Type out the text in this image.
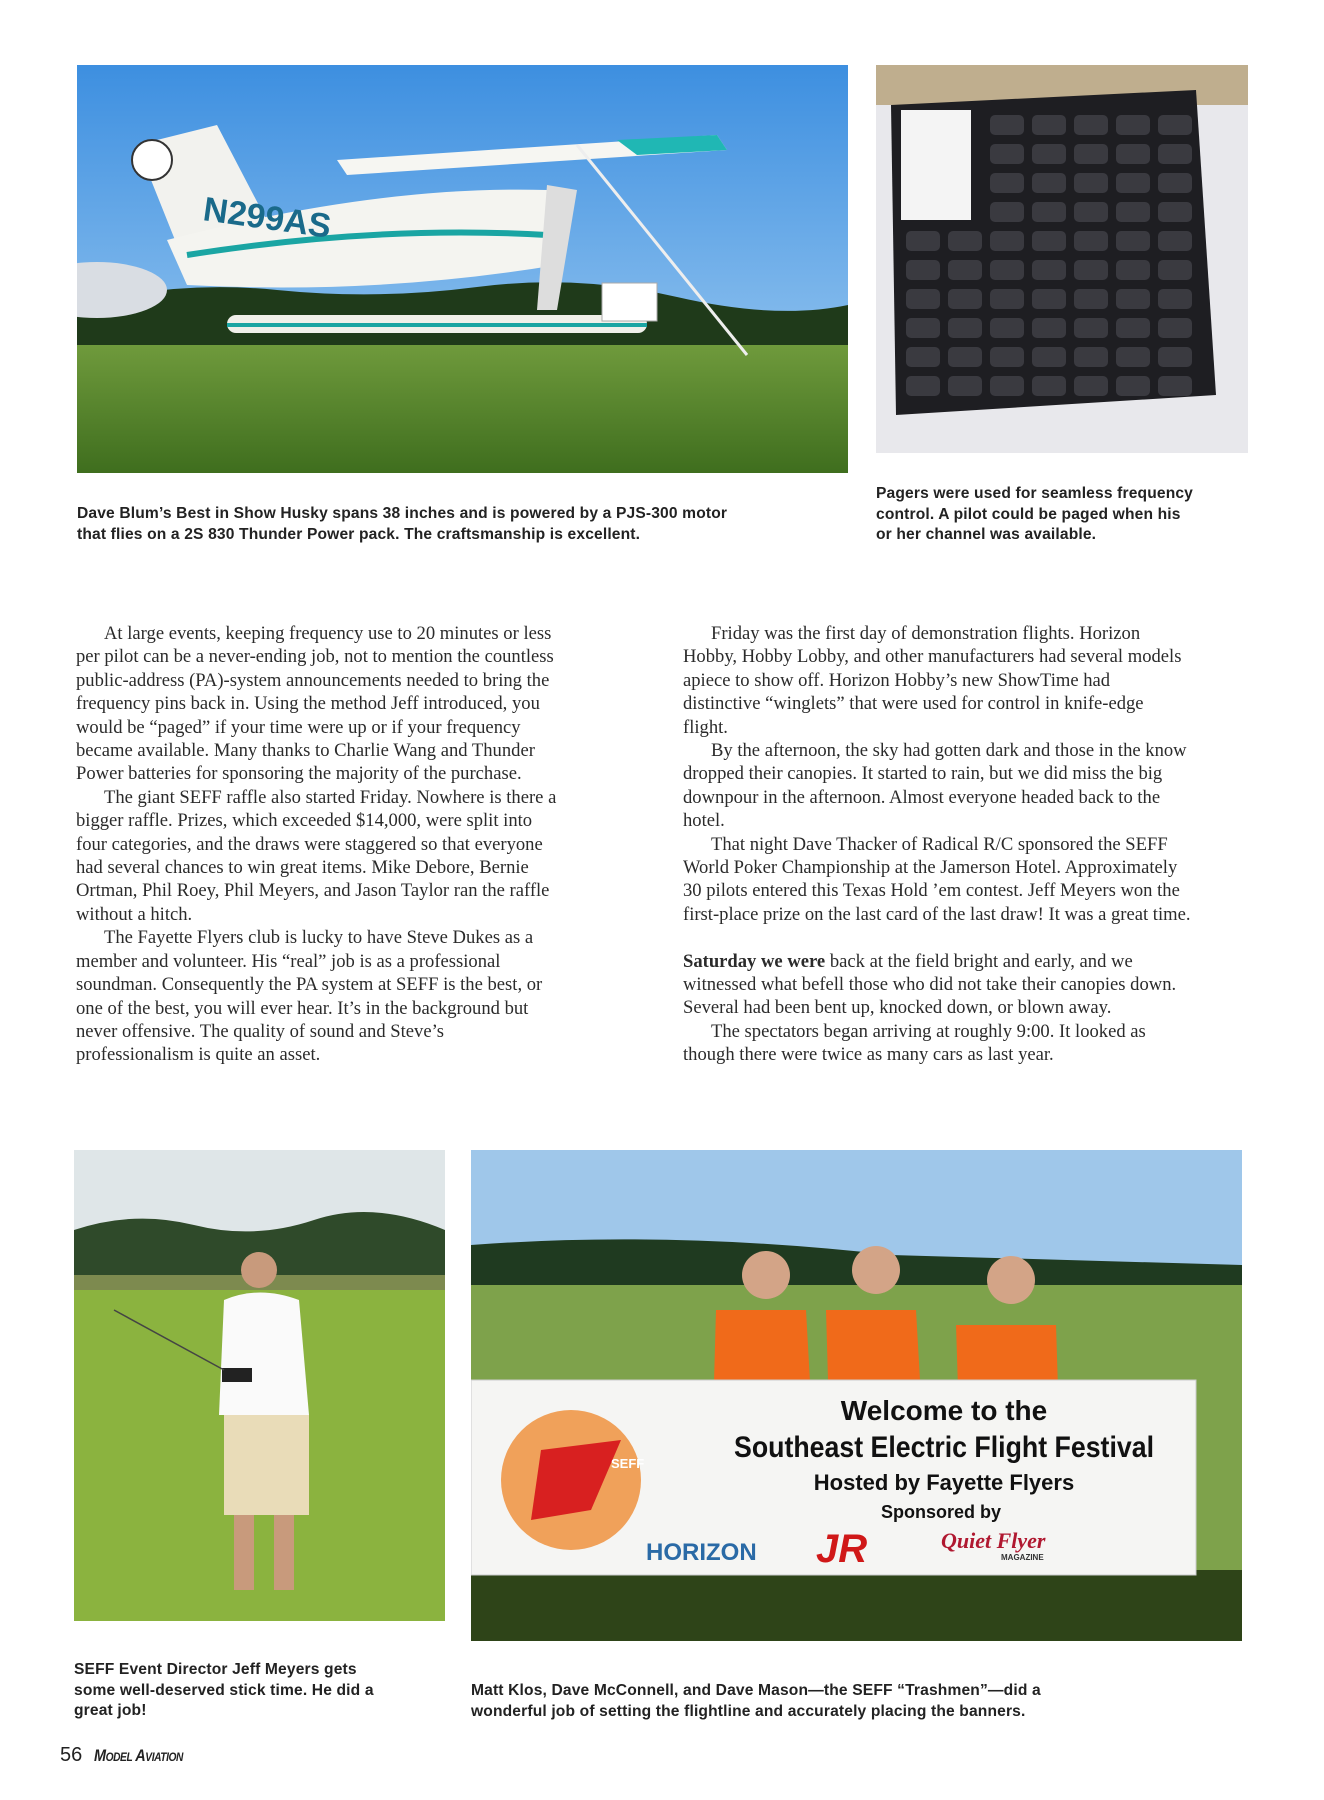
N299AS
Dave Blum’s Best in Show Husky spans 38 inches and is powered by a PJS-300 motor
that flies on a 2S 830 Thunder Power pack. The craftsmanship is excellent.
Pagers were used for seamless frequency
control. A pilot could be paged when his
or her channel was available.
At large events, keeping frequency use to 20 minutes or less
per pilot can be a never-ending job, not to mention the countless
public-address (PA)-system announcements needed to bring the
frequency pins back in. Using the method Jeff introduced, you
would be “paged” if your time were up or if your frequency
became available. Many thanks to Charlie Wang and Thunder
Power batteries for sponsoring the majority of the purchase.
The giant SEFF raffle also started Friday. Nowhere is there a
bigger raffle. Prizes, which exceeded $14,000, were split into
four categories, and the draws were staggered so that everyone
had several chances to win great items. Mike Debore, Bernie
Ortman, Phil Roey, Phil Meyers, and Jason Taylor ran the raffle
without a hitch.
The Fayette Flyers club is lucky to have Steve Dukes as a
member and volunteer. His “real” job is as a professional
soundman. Consequently the PA system at SEFF is the best, or
one of the best, you will ever hear. It’s in the background but
never offensive. The quality of sound and Steve’s
professionalism is quite an asset.
Friday was the first day of demonstration flights. Horizon
Hobby, Hobby Lobby, and other manufacturers had several models
apiece to show off. Horizon Hobby’s new ShowTime had
distinctive “winglets” that were used for control in knife-edge
flight.
By the afternoon, the sky had gotten dark and those in the know
dropped their canopies. It started to rain, but we did miss the big
downpour in the afternoon. Almost everyone headed back to the
hotel.
That night Dave Thacker of Radical R/C sponsored the SEFF
World Poker Championship at the Jamerson Hotel. Approximately
30 pilots entered this Texas Hold ’em contest. Jeff Meyers won the
first-place prize on the last card of the last draw! It was a great time.
Saturday we were back at the field bright and early, and we
witnessed what befell those who did not take their canopies down.
Several had been bent up, knocked down, or blown away.
The spectators began arriving at roughly 9:00. It looked as
though there were twice as many cars as last year.
SEFF
Welcome to the
Southeast Electric Flight Festival
Hosted by Fayette Flyers
Sponsored by
HORIZON JR	Quiet Flyer
MAGAZINE
SEFF Event Director Jeff Meyers gets
some well-deserved stick time. He did a
great job!
Matt Klos, Dave McConnell, and Dave Mason—the SEFF “Trashmen”—did a
wonderful job of setting the flightline and accurately placing the banners.
56 Model Aviation
